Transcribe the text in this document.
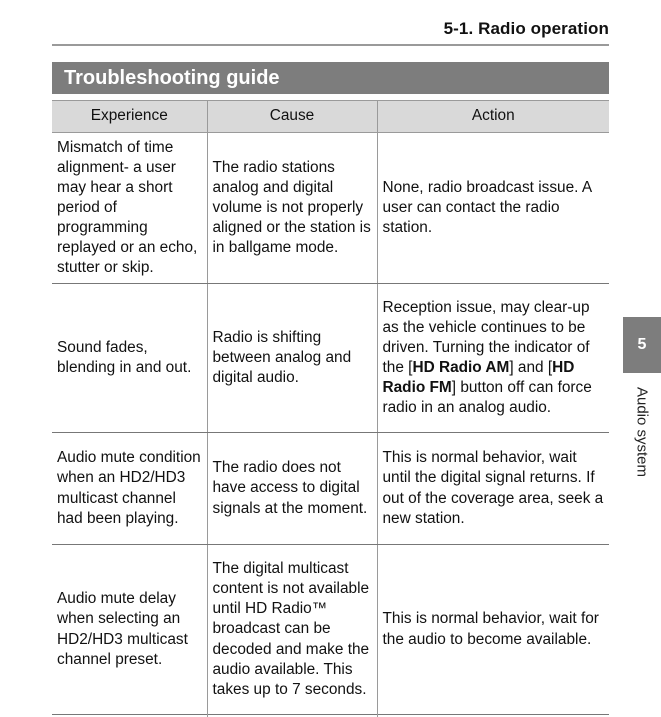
5-1. Radio operation
Troubleshooting guide
Experience	Cause	Action
Mismatch of time alignment- a user may hear a short period of programming replayed or an echo, stutter or skip.	The radio stations analog and digital volume is not properly aligned or the station is in ballgame mode.	None, radio broadcast issue. A user can contact the radio station.
Sound fades, blending in and out.	Radio is shifting between analog and digital audio.	Reception issue, may clear-up as the vehicle continues to be driven. Turning the indicator of the [HD Radio AM] and [HD Radio FM] button off can force radio in an analog audio.
Audio mute condition when an HD2/HD3 multicast channel had been playing.	The radio does not have access to digital signals at the moment.	This is normal behavior, wait until the digital signal returns. If out of the coverage area, seek a new station.
Audio mute delay when selecting an HD2/HD3 multicast channel preset.	The digital multicast content is not available until HD Radio™ broadcast can be decoded and make the audio available. This takes up to 7 seconds.	This is normal behavior, wait for the audio to become available.
5
Audio system
